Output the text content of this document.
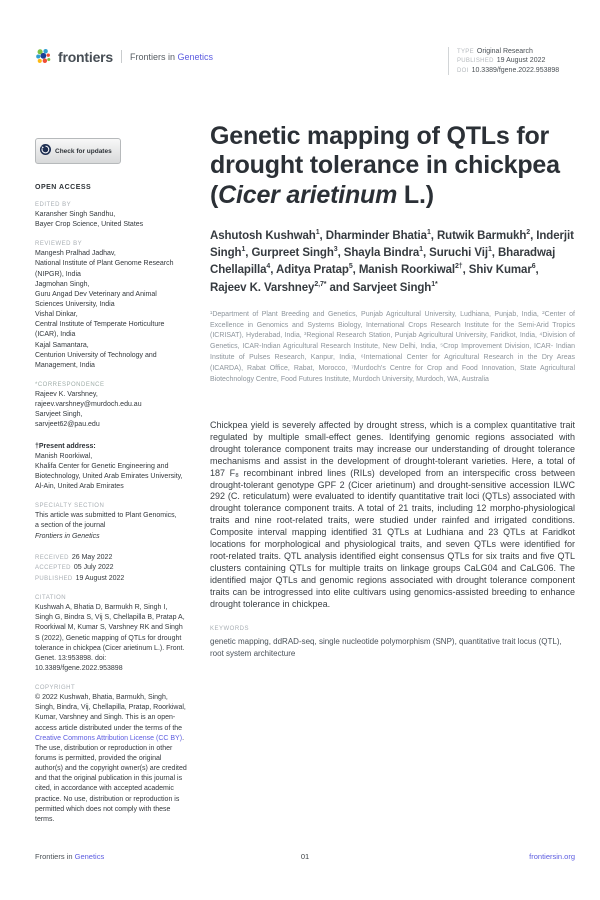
frontiers Frontiers in Genetics	TYPE Original Research
PUBLISHED 19 August 2022
DOI 10.3389/fgene.2022.953898
Check for updates
OPEN ACCESS
EDITED BY
Karansher Singh Sandhu,
Bayer Crop Science, United States
REVIEWED BY
Mangesh Pralhad Jadhav,
National Institute of Plant Genome Research (NIPGR), India
Jagmohan Singh,
Guru Angad Dev Veterinary and Animal Sciences University, India
Vishal Dinkar,
Central Institute of Temperate Horticulture (ICAR), India
Kajal Samantara,
Centurion University of Technology and Management, India
*CORRESPONDENCE
Rajeev K. Varshney,
rajeev.varshney@murdoch.edu.au
Sarvjeet Singh,
sarvjeet62@pau.edu
†Present address:
Manish Roorkiwal,
Khalifa Center for Genetic Engineering and Biotechnology, United Arab Emirates University, Al-Ain, United Arab Emirates
SPECIALTY SECTION
This article was submitted to Plant Genomics,
a section of the journal
Frontiers in Genetics
RECEIVED 26 May 2022
ACCEPTED 05 July 2022
PUBLISHED 19 August 2022
CITATION
Kushwah A, Bhatia D, Barmukh R, Singh I, Singh G, Bindra S, Vij S, Chellapilla B, Pratap A, Roorkiwal M, Kumar S, Varshney RK and Singh S (2022), Genetic mapping of QTLs for drought tolerance in chickpea (Cicer arietinum L.). Front. Genet. 13:953898. doi: 10.3389/fgene.2022.953898
COPYRIGHT
© 2022 Kushwah, Bhatia, Barmukh, Singh, Singh, Bindra, Vij, Chellapilla, Pratap, Roorkiwal, Kumar, Varshney and Singh. This is an open-access article distributed under the terms of the Creative Commons Attribution License (CC BY). The use, distribution or reproduction in other forums is permitted, provided the original author(s) and the copyright owner(s) are credited and that the original publication in this journal is cited, in accordance with accepted academic practice. No use, distribution or reproduction is permitted which does not comply with these terms.
Genetic mapping of QTLs for
drought tolerance in chickpea
(Cicer arietinum L.)
Ashutosh Kushwah$^1$, Dharminder Bhatia$^1$, Rutwik Barmukh$^2$, Inderjit Singh$^1$, Gurpreet Singh$^3$, Shayla Bindra$^1$, Suruchi Vij$^1$, Bharadwaj Chellapilla$^4$, Aditya Pratap$^5$, Manish Roorkiwal$^{2\dagger}$, Shiv Kumar$^6$, Rajeev K. Varshney$^{2,7*}$ and Sarvjeet Singh$^{1*}$

¹Department of Plant Breeding and Genetics, Punjab Agricultural University, Ludhiana, Punjab, India, ²Center of Excellence in Genomics and Systems Biology, International Crops Research Institute for the Semi-Arid Tropics (ICRISAT), Hyderabad, India, ³Regional Research Station, Punjab Agricultural University, Faridkot, India, ⁴Division of Genetics, ICAR-Indian Agricultural Research Institute, New Delhi, India, ⁵Crop Improvement Division, ICAR- Indian Institute of Pulses Research, Kanpur, India, ⁶International Center for Agricultural Research in the Dry Areas (ICARDA), Rabat Office, Rabat, Morocco, ⁷Murdoch's Centre for Crop and Food Innovation, State Agricultural Biotechnology Centre, Food Futures Institute, Murdoch University, Murdoch, WA, Australia

Chickpea yield is severely affected by drought stress, which is a complex quantitative trait regulated by multiple small-effect genes. Identifying genomic regions associated with drought tolerance component traits may increase our understanding of drought tolerance mechanisms and assist in the development of drought-tolerant varieties. Here, a total of 187 F₈ recombinant inbred lines (RILs) developed from an interspecific cross between drought-tolerant genotype GPF 2 (Cicer arietinum) and drought-sensitive accession ILWC 292 (C. reticulatum) were evaluated to identify quantitative trait loci (QTLs) associated with drought tolerance component traits. A total of 21 traits, including 12 morpho-physiological traits and nine root-related traits, were studied under rainfed and irrigated conditions. Composite interval mapping identified 31 QTLs at Ludhiana and 23 QTLs at Faridkot locations for morphological and physiological traits, and seven QTLs were identified for root-related traits. QTL analysis identified eight consensus QTLs for six traits and five QTL clusters containing QTLs for multiple traits on linkage groups CaLG04 and CaLG06. The identified major QTLs and genomic regions associated with drought tolerance component traits can be introgressed into elite cultivars using genomics-assisted breeding to enhance drought tolerance in chickpea.

KEYWORDS

genetic mapping, ddRAD-seq, single nucleotide polymorphism (SNP), quantitative trait locus (QTL), root system architecture

Frontiers in Genetics	01	frontiersin.org
